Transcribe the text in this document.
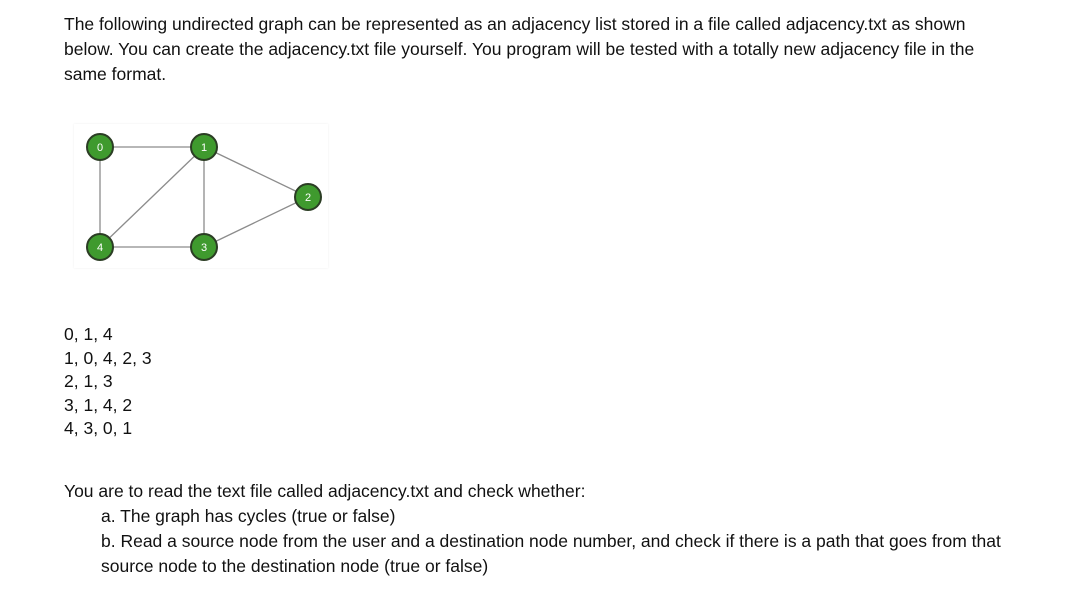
The following undirected graph can be represented as an adjacency list stored in a file called adjacency.txt as shown below. You can create the adjacency.txt file yourself. You program will be tested with a totally new adjacency file in the same format.

0	1
2
3
4
0, 1, 4
1, 0, 4, 2, 3
2, 1, 3
3, 1, 4, 2
4, 3, 0, 1
You are to read the text file called adjacency.txt and check whether:
a. The graph has cycles (true or false)
b. Read a source node from the user and a destination node number, and check if there is a path that goes from that source node to the destination node (true or false)
